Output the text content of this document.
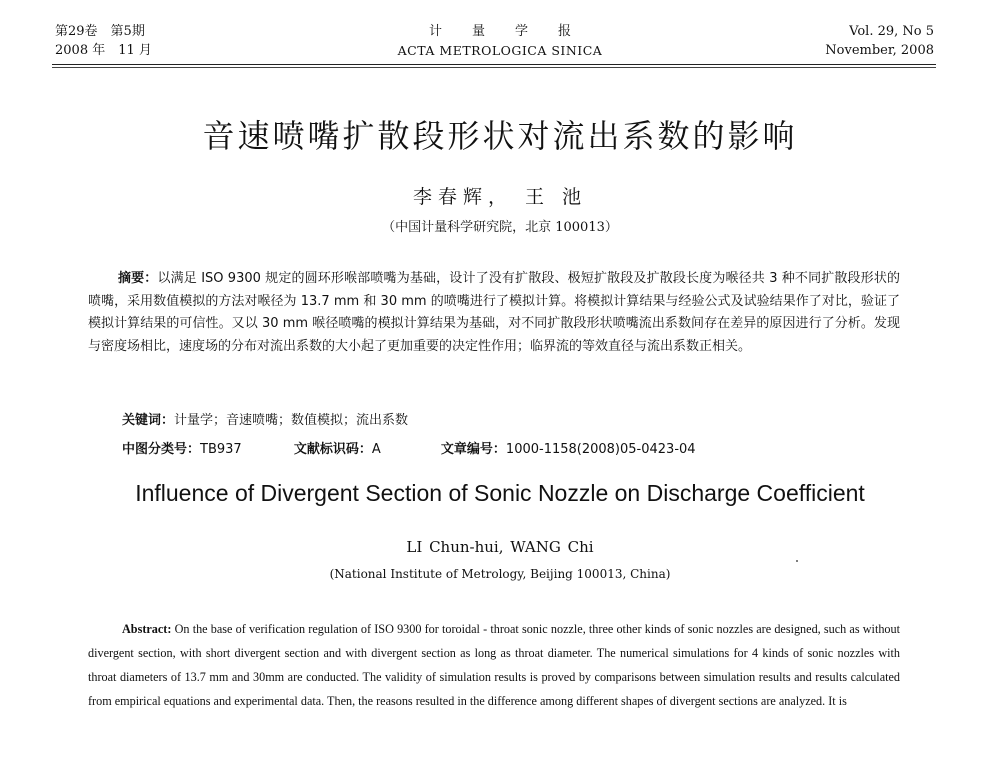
第29卷　第5期
2008 年　11 月
计量学报
ACTA METROLOGICA SINICA
Vol. 29, No 5
November, 2008
音速喷嘴扩散段形状对流出系数的影响
李春辉， 王 池
（中国计量科学研究院，北京 100013）
摘要：以满足 ISO 9300 规定的圆环形喉部喷嘴为基础，设计了没有扩散段、极短扩散段及扩散段长度为喉径共 3 种不同扩散段形状的喷嘴，采用数值模拟的方法对喉径为 13.7 mm 和 30 mm 的喷嘴进行了模拟计算。将模拟计算结果与经验公式及试验结果作了对比，验证了模拟计算结果的可信性。又以 30 mm 喉径喷嘴的模拟计算结果为基础，对不同扩散段形状喷嘴流出系数间存在差异的原因进行了分析。发现与密度场相比，速度场的分布对流出系数的大小起了更加重要的决定性作用；临界流的等效直径与流出系数正相关。
关键词：计量学；音速喷嘴；数值模拟；流出系数
中图分类号：TB937	文献标识码：A	文章编号：1000-1158(2008)05-0423-04
Influence of Divergent Section of Sonic Nozzle on Discharge Coefficient
LI Chun-hui, WANG Chi
(National Institute of Metrology, Beijing 100013, China)
Abstract: On the base of verification regulation of ISO 9300 for toroidal - throat sonic nozzle, three other kinds of sonic nozzles are designed, such as without divergent section, with short divergent section and with divergent section as long as throat diameter. The numerical simulations for 4 kinds of sonic nozzles with throat diameters of 13.7 mm and 30mm are conducted. The validity of simulation results is proved by comparisons between simulation results and results calculated from empirical equations and experimental data. Then, the reasons resulted in the difference among different shapes of divergent sections are analyzed. It is
